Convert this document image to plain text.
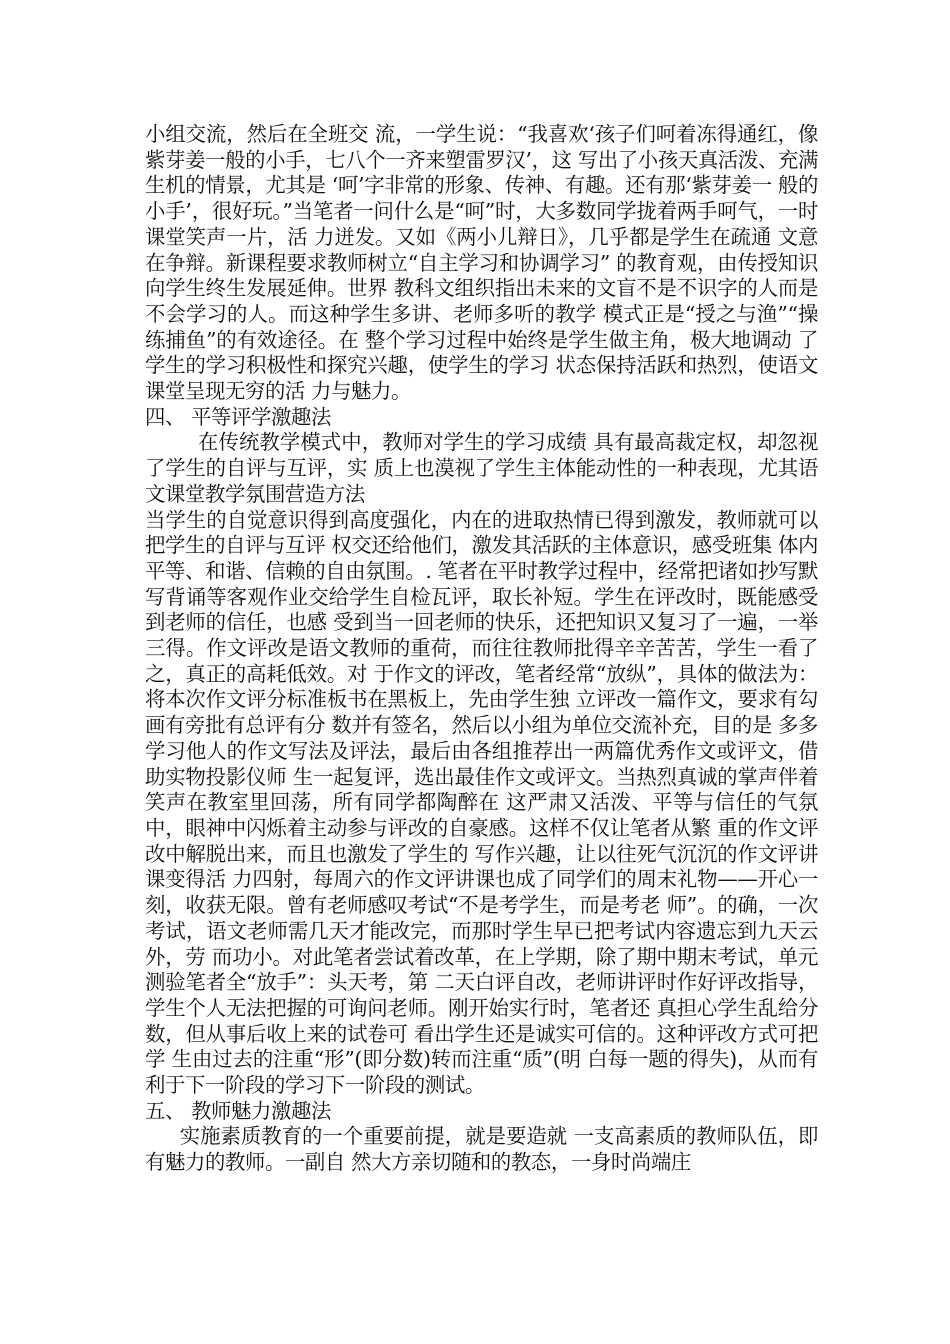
小组交流，然后在全班交 流，一学生说：“我喜欢‘孩子们呵着冻得通红，像 紫芽姜一般的小手，七八个一齐来塑雷罗汉’，这 写出了小孩天真活泼、充满生机的情景，尤其是 ‘呵’字非常的形象、传神、有趣。还有那‘紫芽姜一 般的小手’，很好玩。”当笔者一问什么是“呵”时，大多数同学拢着两手呵气，一时课堂笑声一片，活 力迸发。又如《两小儿辩日》，几乎都是学生在疏通 文意在争辩。新课程要求教师树立“自主学习和协调学习” 的教育观，由传授知识向学生终生发展延伸。世界 教科文组织指出未来的文盲不是不识字的人而是不会学习的人。而这种学生多讲、老师多听的教学 模式正是“授之与渔”“操练捕鱼”的有效途径。在 整个学习过程中始终是学生做主角，极大地调动 了学生的学习积极性和探究兴趣，使学生的学习 状态保持活跃和热烈，使语文课堂呈现无穷的活 力与魅力。

四、 平等评学激趣法

在传统教学模式中，教师对学生的学习成绩 具有最高裁定权，却忽视了学生的自评与互评，实 质上也漠视了学生主体能动性的一种表现，尤其语文课堂教学氛围营造方法

当学生的自觉意识得到高度强化，内在的进取热情已得到激发，教师就可以把学生的自评与互评 权交还给他们，激发其活跃的主体意识，感受班集 体内平等、和谐、信赖的自由氛围。. 笔者在平时教学过程中，经常把诸如抄写默写背诵等客观作业交给学生自检瓦评，取长补短。学生在评改时，既能感受到老师的信任，也感 受到当一回老师的快乐，还把知识又复习了一遍，一举三得。作文评改是语文教师的重荷，而往往教师批得辛辛苦苦，学生一看了之，真正的高耗低效。对 于作文的评改，笔者经常“放纵”，具体的做法为：将本次作文评分标准板书在黑板上，先由学生独 立评改一篇作文，要求有勾画有旁批有总评有分 数并有签名，然后以小组为单位交流补充，目的是 多多学习他人的作文写法及评法，最后由各组推荐出一两篇优秀作文或评文，借助实物投影仪师 生一起复评，选出最佳作文或评文。当热烈真诚的掌声伴着笑声在教室里回荡，所有同学都陶醉在 这严肃又活泼、平等与信任的气氛中，眼神中闪烁着主动参与评改的自豪感。这样不仅让笔者从繁 重的作文评改中解脱出来，而且也激发了学生的 写作兴趣，让以往死气沉沉的作文评讲课变得活 力四射，每周六的作文评讲课也成了同学们的周末礼物——开心一刻，收获无限。曾有老师感叹考试“不是考学生，而是考老 师”。的确，一次考试，语文老师需几天才能改完，而那时学生早已把考试内容遗忘到九天云外，劳 而功小。对此笔者尝试着改革，在上学期，除了期中期末考试，单元测验笔者全“放手”：头天考，第 二天白评自改，老师讲评时作好评改指导，学生个人无法把握的可询问老师。刚开始实行时，笔者还 真担心学生乱给分数，但从事后收上来的试卷可 看出学生还是诚实可信的。这种评改方式可把学 生由过去的注重“形”(即分数)转而注重“质”(明 白每一题的得失)，从而有利于下一阶段的学习下一阶段的测试。

五、 教师魅力激趣法

实施素质教育的一个重要前提，就是要造就 一支高素质的教师队伍，即有魅力的教师。一副自 然大方亲切随和的教态，一身时尚端庄
